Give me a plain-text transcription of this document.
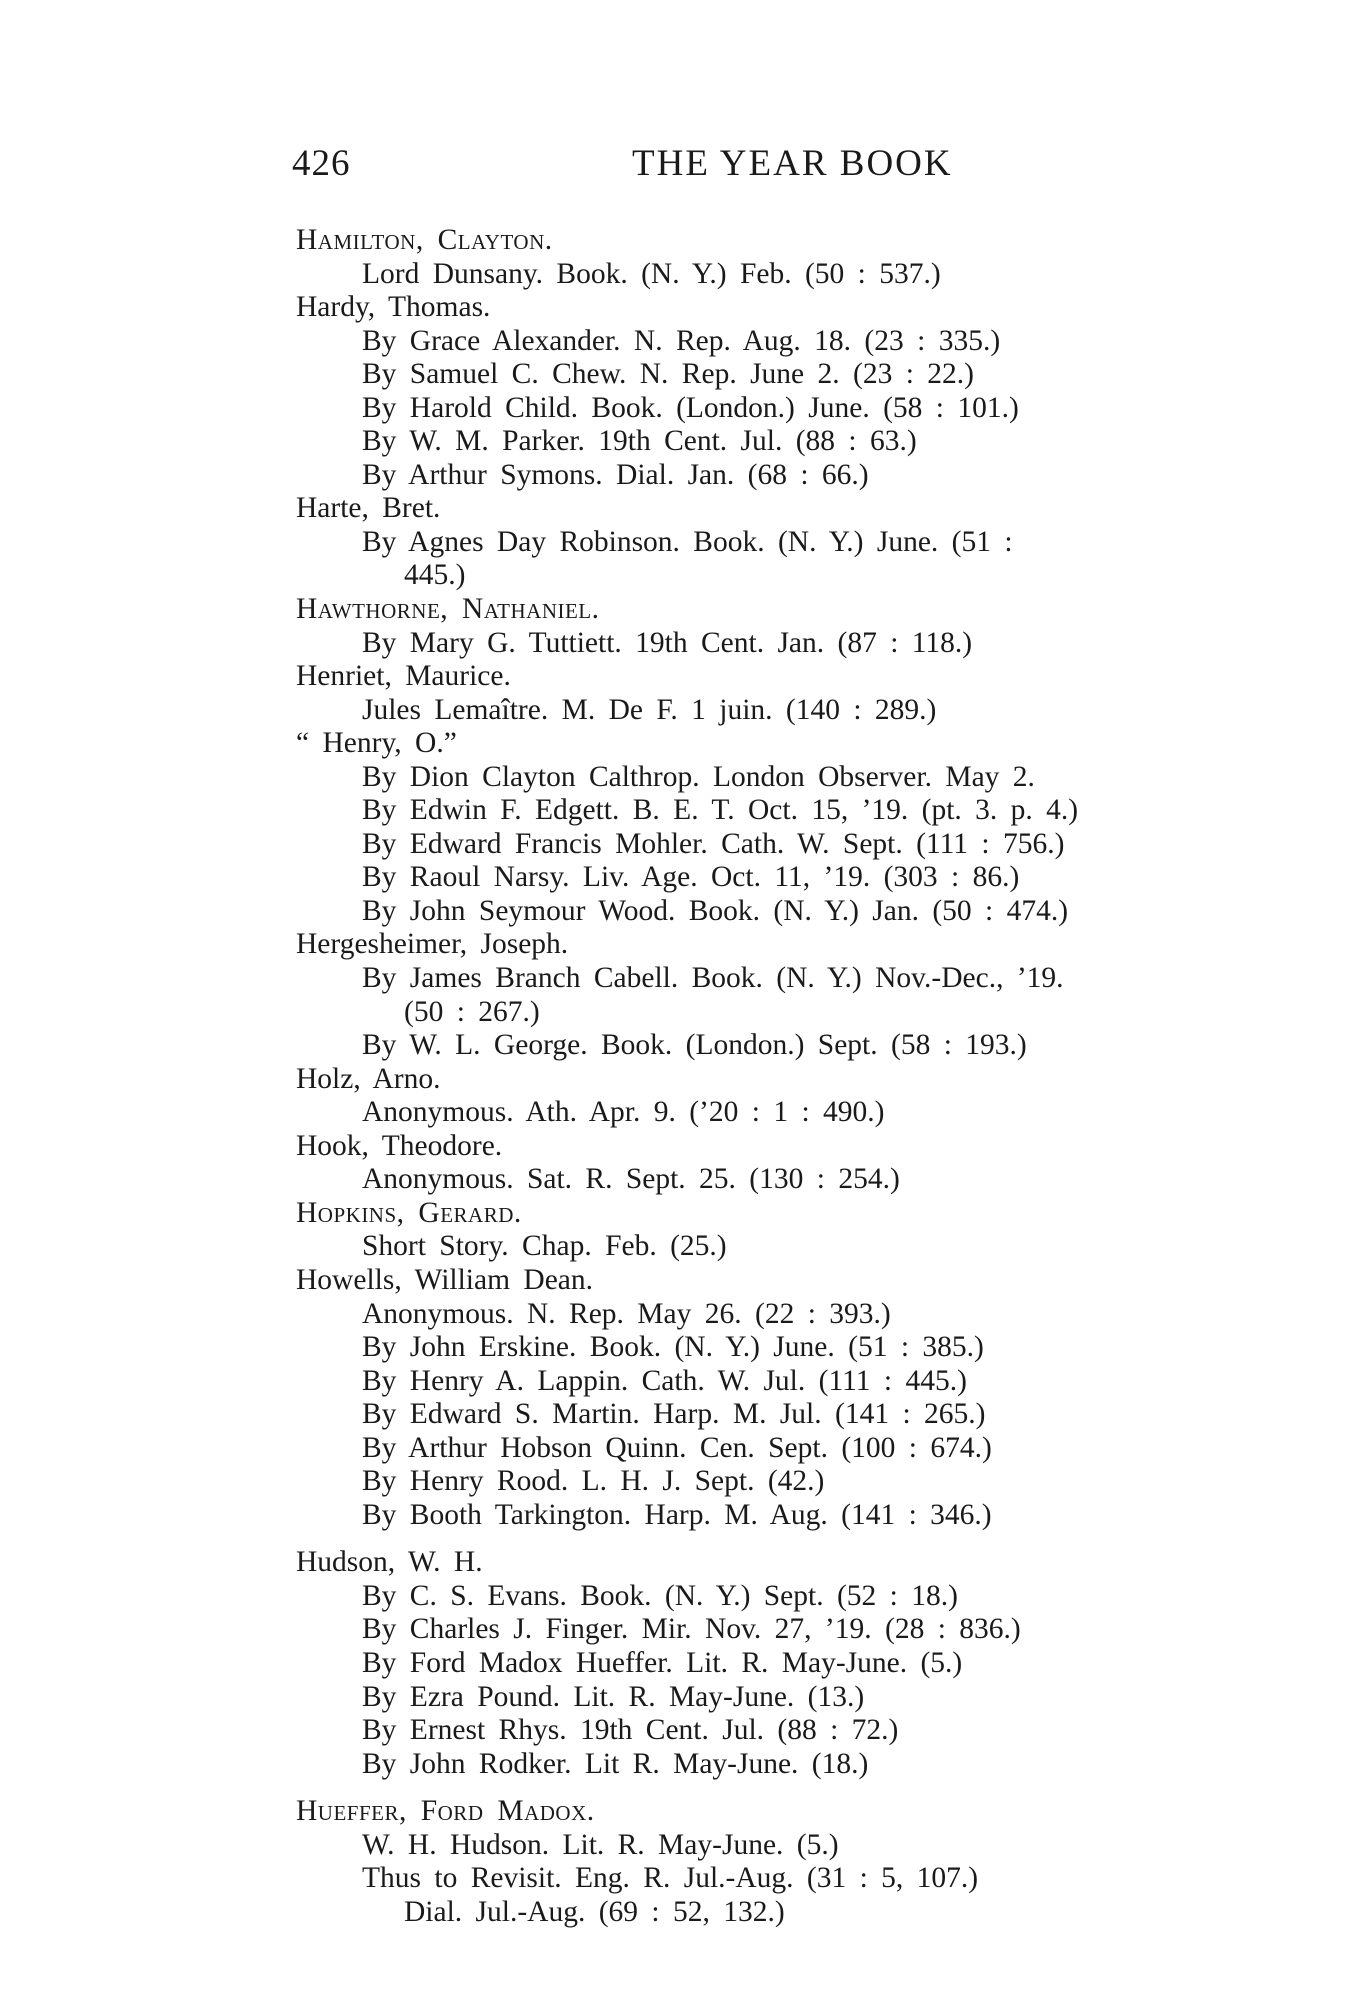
426	THE YEAR BOOK
Hamilton, Clayton.
Lord Dunsany. Book. (N. Y.) Feb. (50 : 537.)
Hardy, Thomas.
By Grace Alexander. N. Rep. Aug. 18. (23 : 335.)
By Samuel C. Chew. N. Rep. June 2. (23 : 22.)
By Harold Child. Book. (London.) June. (58 : 101.)
By W. M. Parker. 19th Cent. Jul. (88 : 63.)
By Arthur Symons. Dial. Jan. (68 : 66.)
Harte, Bret.
By Agnes Day Robinson. Book. (N. Y.) June. (51 :
445.)
Hawthorne, Nathaniel.
By Mary G. Tuttiett. 19th Cent. Jan. (87 : 118.)
Henriet, Maurice.
Jules Lemaître. M. De F. 1 juin. (140 : 289.)
“ Henry, O.”
By Dion Clayton Calthrop. London Observer. May 2.
By Edwin F. Edgett. B. E. T. Oct. 15, ’19. (pt. 3. p. 4.)
By Edward Francis Mohler. Cath. W. Sept. (111 : 756.)
By Raoul Narsy. Liv. Age. Oct. 11, ’19. (303 : 86.)
By John Seymour Wood. Book. (N. Y.) Jan. (50 : 474.)
Hergesheimer, Joseph.
By James Branch Cabell. Book. (N. Y.) Nov.-Dec., ’19.
(50 : 267.)
By W. L. George. Book. (London.) Sept. (58 : 193.)
Holz, Arno.
Anonymous. Ath. Apr. 9. (’20 : 1 : 490.)
Hook, Theodore.
Anonymous. Sat. R. Sept. 25. (130 : 254.)
Hopkins, Gerard.
Short Story. Chap. Feb. (25.)
Howells, William Dean.
Anonymous. N. Rep. May 26. (22 : 393.)
By John Erskine. Book. (N. Y.) June. (51 : 385.)
By Henry A. Lappin. Cath. W. Jul. (111 : 445.)
By Edward S. Martin. Harp. M. Jul. (141 : 265.)
By Arthur Hobson Quinn. Cen. Sept. (100 : 674.)
By Henry Rood. L. H. J. Sept. (42.)
By Booth Tarkington. Harp. M. Aug. (141 : 346.)
Hudson, W. H.
By C. S. Evans. Book. (N. Y.) Sept. (52 : 18.)
By Charles J. Finger. Mir. Nov. 27, ’19. (28 : 836.)
By Ford Madox Hueffer. Lit. R. May-June. (5.)
By Ezra Pound. Lit. R. May-June. (13.)
By Ernest Rhys. 19th Cent. Jul. (88 : 72.)
By John Rodker. Lit R. May-June. (18.)
Hueffer, Ford Madox.
W. H. Hudson. Lit. R. May-June. (5.)
Thus to Revisit. Eng. R. Jul.-Aug. (31 : 5, 107.)
Dial. Jul.-Aug. (69 : 52, 132.)
